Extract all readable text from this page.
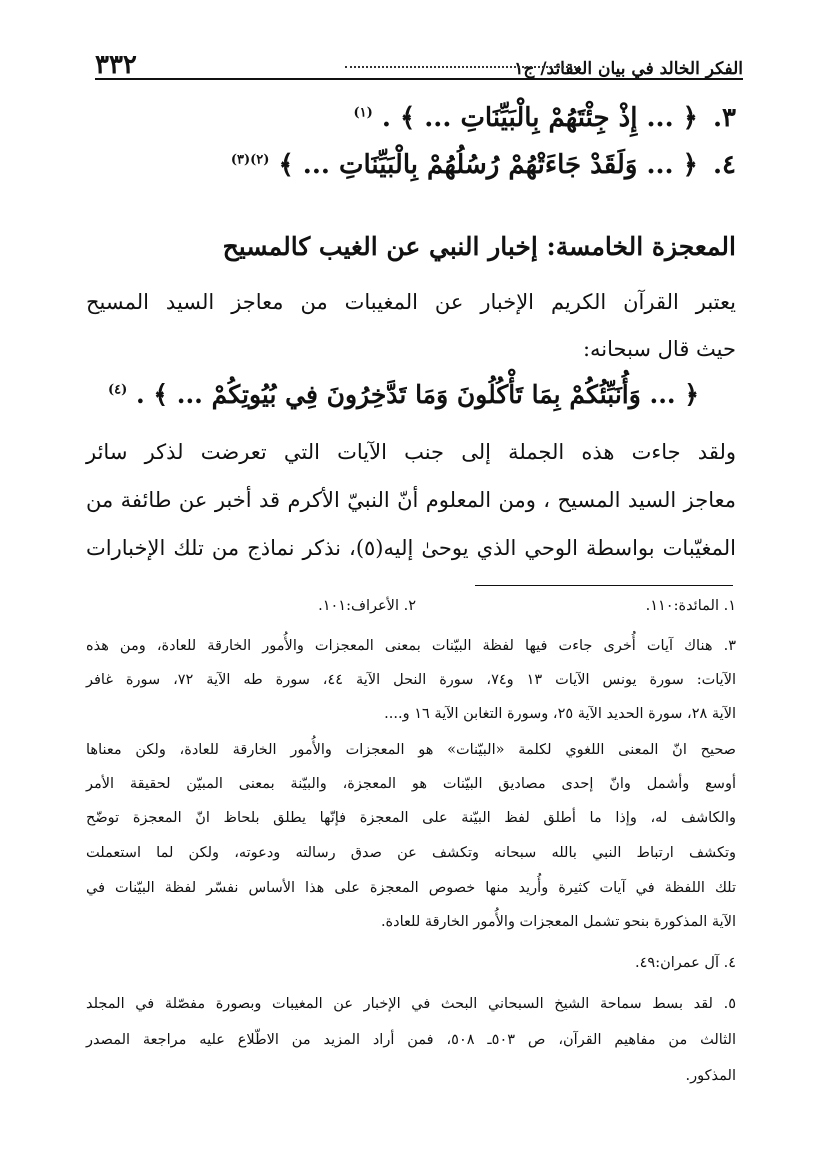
الفكر الخالد في بيان العقائد/ ج١
٣٣٢
٣. ﴿ ... إِذْ جِئْتَهُمْ بِالْبَيِّنَاتِ ... ﴾ . $^{(١)}$
٤. ﴿ ... وَلَقَدْ جَاءَتْهُمْ رُسُلُهُمْ بِالْبَيِّنَاتِ ... ﴾ $^{(٢)(٣)}$
المعجزة الخامسة: إخبار النبي عن الغيب كالمسيح
يعتبر القرآن الكريم الإخبار عن المغيبات من معاجز السيد المسيح
حيث قال سبحانه:
﴿ ... وَأُنَبِّئُكُمْ بِمَا تَأْكُلُونَ وَمَا تَدَّخِرُونَ فِي بُيُوتِكُمْ ... ﴾ . $^{(٤)}$
ولقد جاءت هذه الجملة إلى جنب الآيات التي تعرضت لذكر سائر
معاجز السيد المسيح ، ومن المعلوم أنّ النبيّ الأكرم قد أخبر عن طائفة من
المغيّبات بواسطة الوحي الذي يوحىٰ إليه(٥)، نذكر نماذج من تلك الإخبارات
١. المائدة:١١٠.
٢. الأعراف:١٠١.
٣. هناك آيات أُخرى جاءت فيها لفظة البيّنات بمعنى المعجزات والأُمور الخارقة للعادة، ومن هذه
الآيات: سورة يونس الآيات ١٣ و٧٤، سورة النحل الآية ٤٤، سورة طه الآية ٧٢، سورة غافر
الآية ٢٨، سورة الحديد الآية ٢٥، وسورة التغابن الآية ١٦ و....
صحيح انّ المعنى اللغوي لكلمة «البيّنات» هو المعجزات والأُمور الخارقة للعادة، ولكن معناها
أوسع وأشمل وانّ إحدى مصاديق البيّنات هو المعجزة، والبيّنة بمعنى المبيّن لحقيقة الأمر
والكاشف له، وإذا ما أطلق لفظ البيّنة على المعجزة فإنّها يطلق بلحاظ انّ المعجزة توضّح
وتكشف ارتباط النبي بالله سبحانه وتكشف عن صدق رسالته ودعوته، ولكن لما استعملت
تلك اللفظة في آيات كثيرة وأُريد منها خصوص المعجزة على هذا الأساس نفسّر لفظة البيّنات في
الآية المذكورة بنحو تشمل المعجزات والأُمور الخارقة للعادة.
٤. آل عمران:٤٩.
٥. لقد بسط سماحة الشيخ السبحاني البحث في الإخبار عن المغيبات وبصورة مفصّلة في المجلد
الثالث من مفاهيم القرآن، ص ٥٠٣ـ ٥٠٨، فمن أراد المزيد من الاطّلاع عليه مراجعة المصدر
المذكور.
